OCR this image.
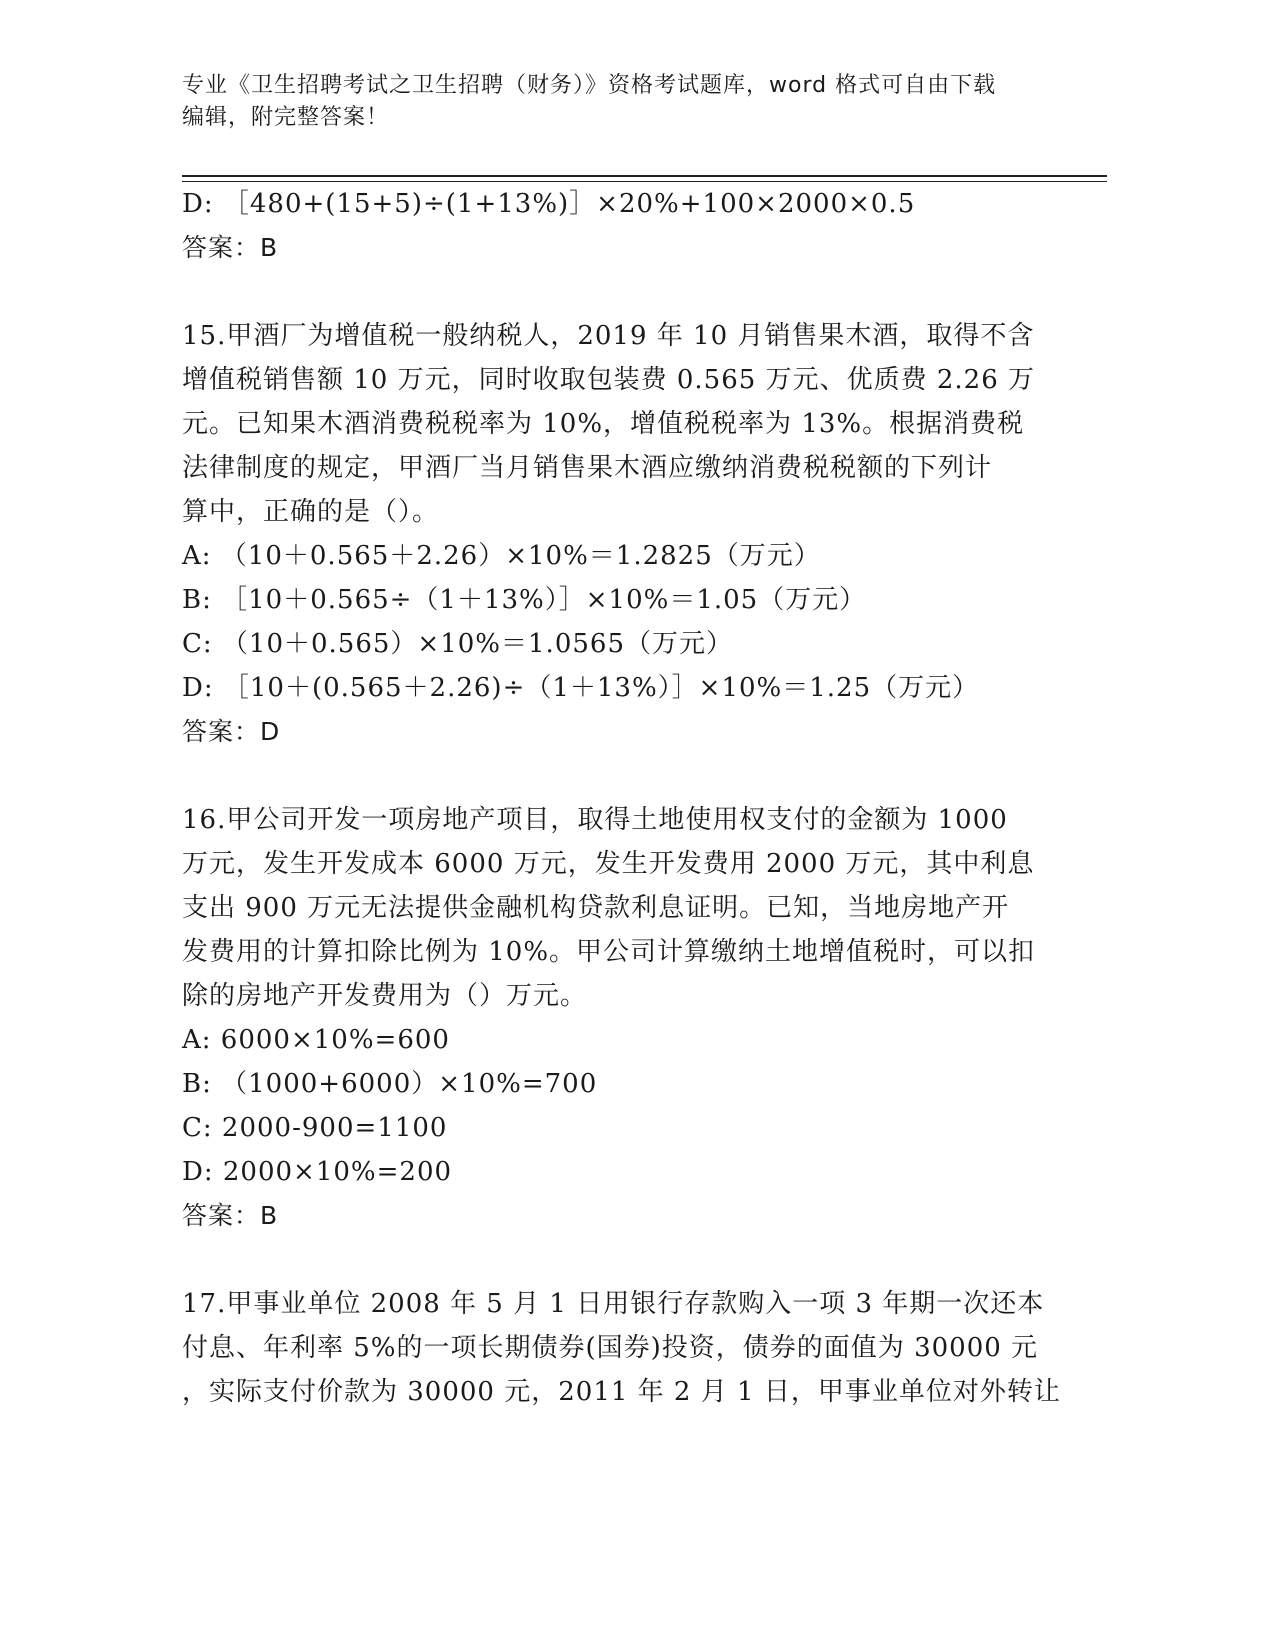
专业《卫生招聘考试之卫生招聘（财务）》资格考试题库，word 格式可自由下载
编辑，附完整答案！
D: ［480+(15+5)÷(1+13%)］×20%+100×2000×0.5
答案：B
15.甲酒厂为增值税一般纳税人，2019 年 10 月销售果木酒，取得不含
增值税销售额 10 万元，同时收取包装费 0.565 万元、优质费 2.26 万
元。已知果木酒消费税税率为 10%，增值税税率为 13%。根据消费税
法律制度的规定，甲酒厂当月销售果木酒应缴纳消费税税额的下列计
算中，正确的是（）。
A: （10＋0.565＋2.26）×10%＝1.2825（万元）
B: ［10＋0.565÷（1＋13%）］×10%＝1.05（万元）
C: （10＋0.565）×10%＝1.0565（万元）
D: ［10＋(0.565＋2.26)÷（1＋13%）］×10%＝1.25（万元）
答案：D
16.甲公司开发一项房地产项目，取得土地使用权支付的金额为 1000
万元，发生开发成本 6000 万元，发生开发费用 2000 万元，其中利息
支出 900 万元无法提供金融机构贷款利息证明。已知，当地房地产开
发费用的计算扣除比例为 10%。甲公司计算缴纳土地增值税时，可以扣
除的房地产开发费用为（）万元。
A: 6000×10%=600
B: （1000+6000）×10%=700
C: 2000-900=1100
D: 2000×10%=200
答案：B
17.甲事业单位 2008 年 5 月 1 日用银行存款购入一项 3 年期一次还本
付息、年利率 5%的一项长期债券(国券)投资，债券的面值为 30000 元
，实际支付价款为 30000 元，2011 年 2 月 1 日，甲事业单位对外转让
